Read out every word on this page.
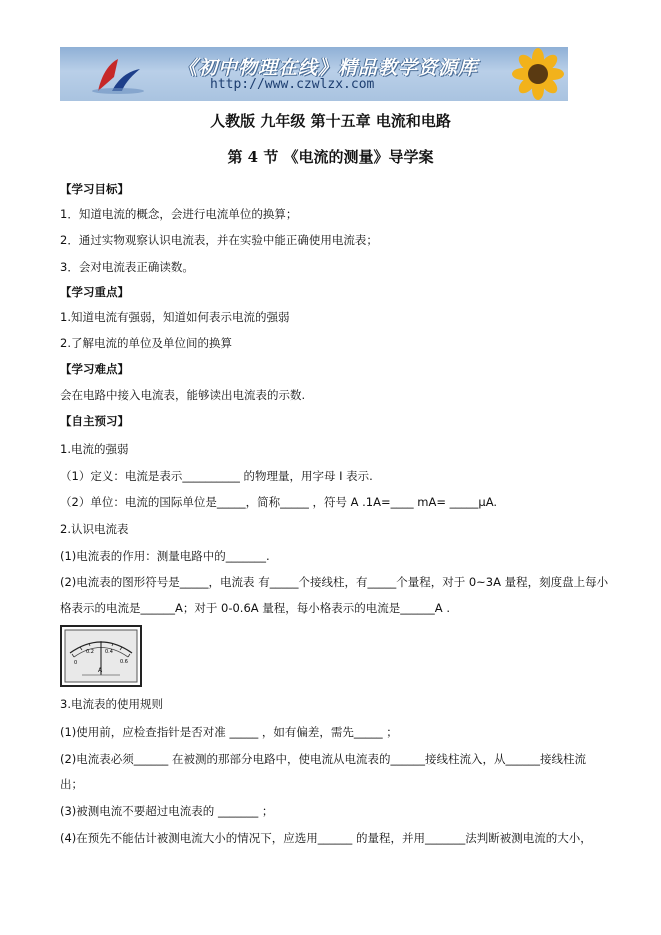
《初中物理在线》精品教学资源库
http://www.czwlzx.com
人教版 九年级 第十五章 电流和电路
第 4 节 《电流的测量》导学案
【学习目标】
1．知道电流的概念，会进行电流单位的换算；
2．通过实物观察认识电流表，并在实验中能正确使用电流表；
3．会对电流表正确读数。
【学习重点】
1.知道电流有强弱，知道如何表示电流的强弱
2.了解电流的单位及单位间的换算
【学习难点】
会在电路中接入电流表，能够读出电流表的示数.
【自主预习】
1.电流的强弱
（1）定义：电流是表示__________ 的物理量，用字母 I 表示.
（2）单位：电流的国际单位是_____，简称_____ ，符号 A .1A=____ mA= _____μA.
2.认识电流表
(1)电流表的作用：测量电路中的_______.
(2)电流表的图形符号是_____，电流表 有_____个接线柱，有_____个量程，对于 0~3A 量程，刻度盘上每小
格表示的电流是______A；对于 0-0.6A 量程，每小格表示的电流是______A .
0
0.2 0.4
0.6
A
3.电流表的使用规则
(1)使用前，应检查指针是否对准 _____ ，如有偏差，需先_____ ；
(2)电流表必须______ 在被测的那部分电路中，使电流从电流表的______接线柱流入，从______接线柱流
出；
(3)被测电流不要超过电流表的 _______ ；
(4)在预先不能估计被测电流大小的情况下，应选用______ 的量程，并用_______法判断被测电流的大小，
